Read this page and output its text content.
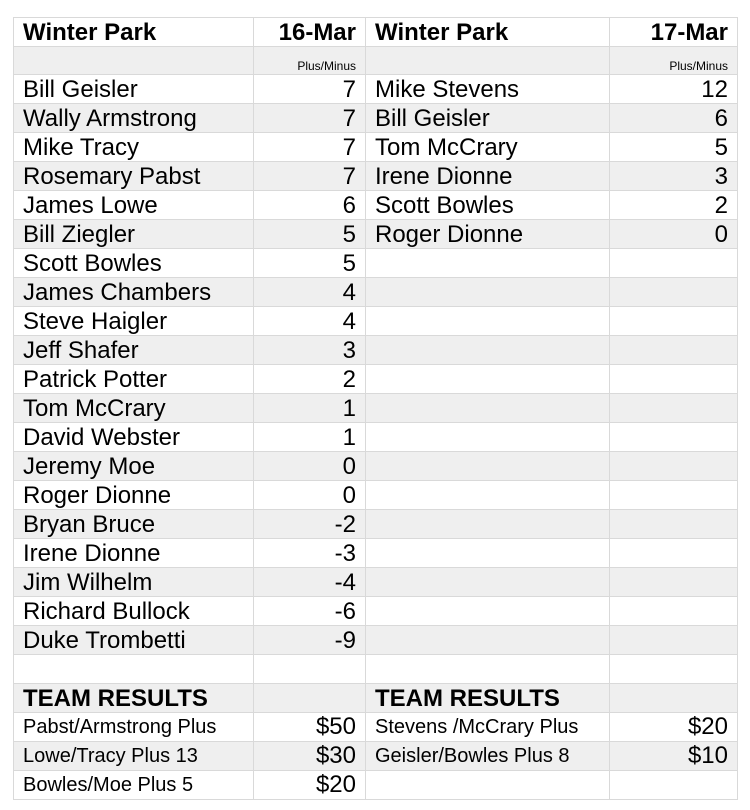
Winter Park	16-Mar	Winter Park	17-Mar
	Plus/Minus		Plus/Minus
Bill Geisler	7	Mike Stevens	12
Wally Armstrong	7	Bill Geisler	6
Mike Tracy	7	Tom McCrary	5
Rosemary Pabst	7	Irene Dionne	3
James Lowe	6	Scott Bowles	2
Bill Ziegler	5	Roger Dionne	0
Scott Bowles	5		
James Chambers	4		
Steve Haigler	4		
Jeff Shafer	3		
Patrick Potter	2		
Tom McCrary	1		
David Webster	1		
Jeremy Moe	0		
Roger Dionne	0		
Bryan Bruce	-2		
Irene Dionne	-3		
Jim Wilhelm	-4		
Richard Bullock	-6		
Duke Trombetti	-9		

TEAM RESULTS		TEAM RESULTS	
Pabst/Armstrong Plus	$50	Stevens /McCrary Plus	$20
Lowe/Tracy Plus 13	$30	Geisler/Bowles Plus 8	$10
Bowles/Moe Plus 5	$20		
